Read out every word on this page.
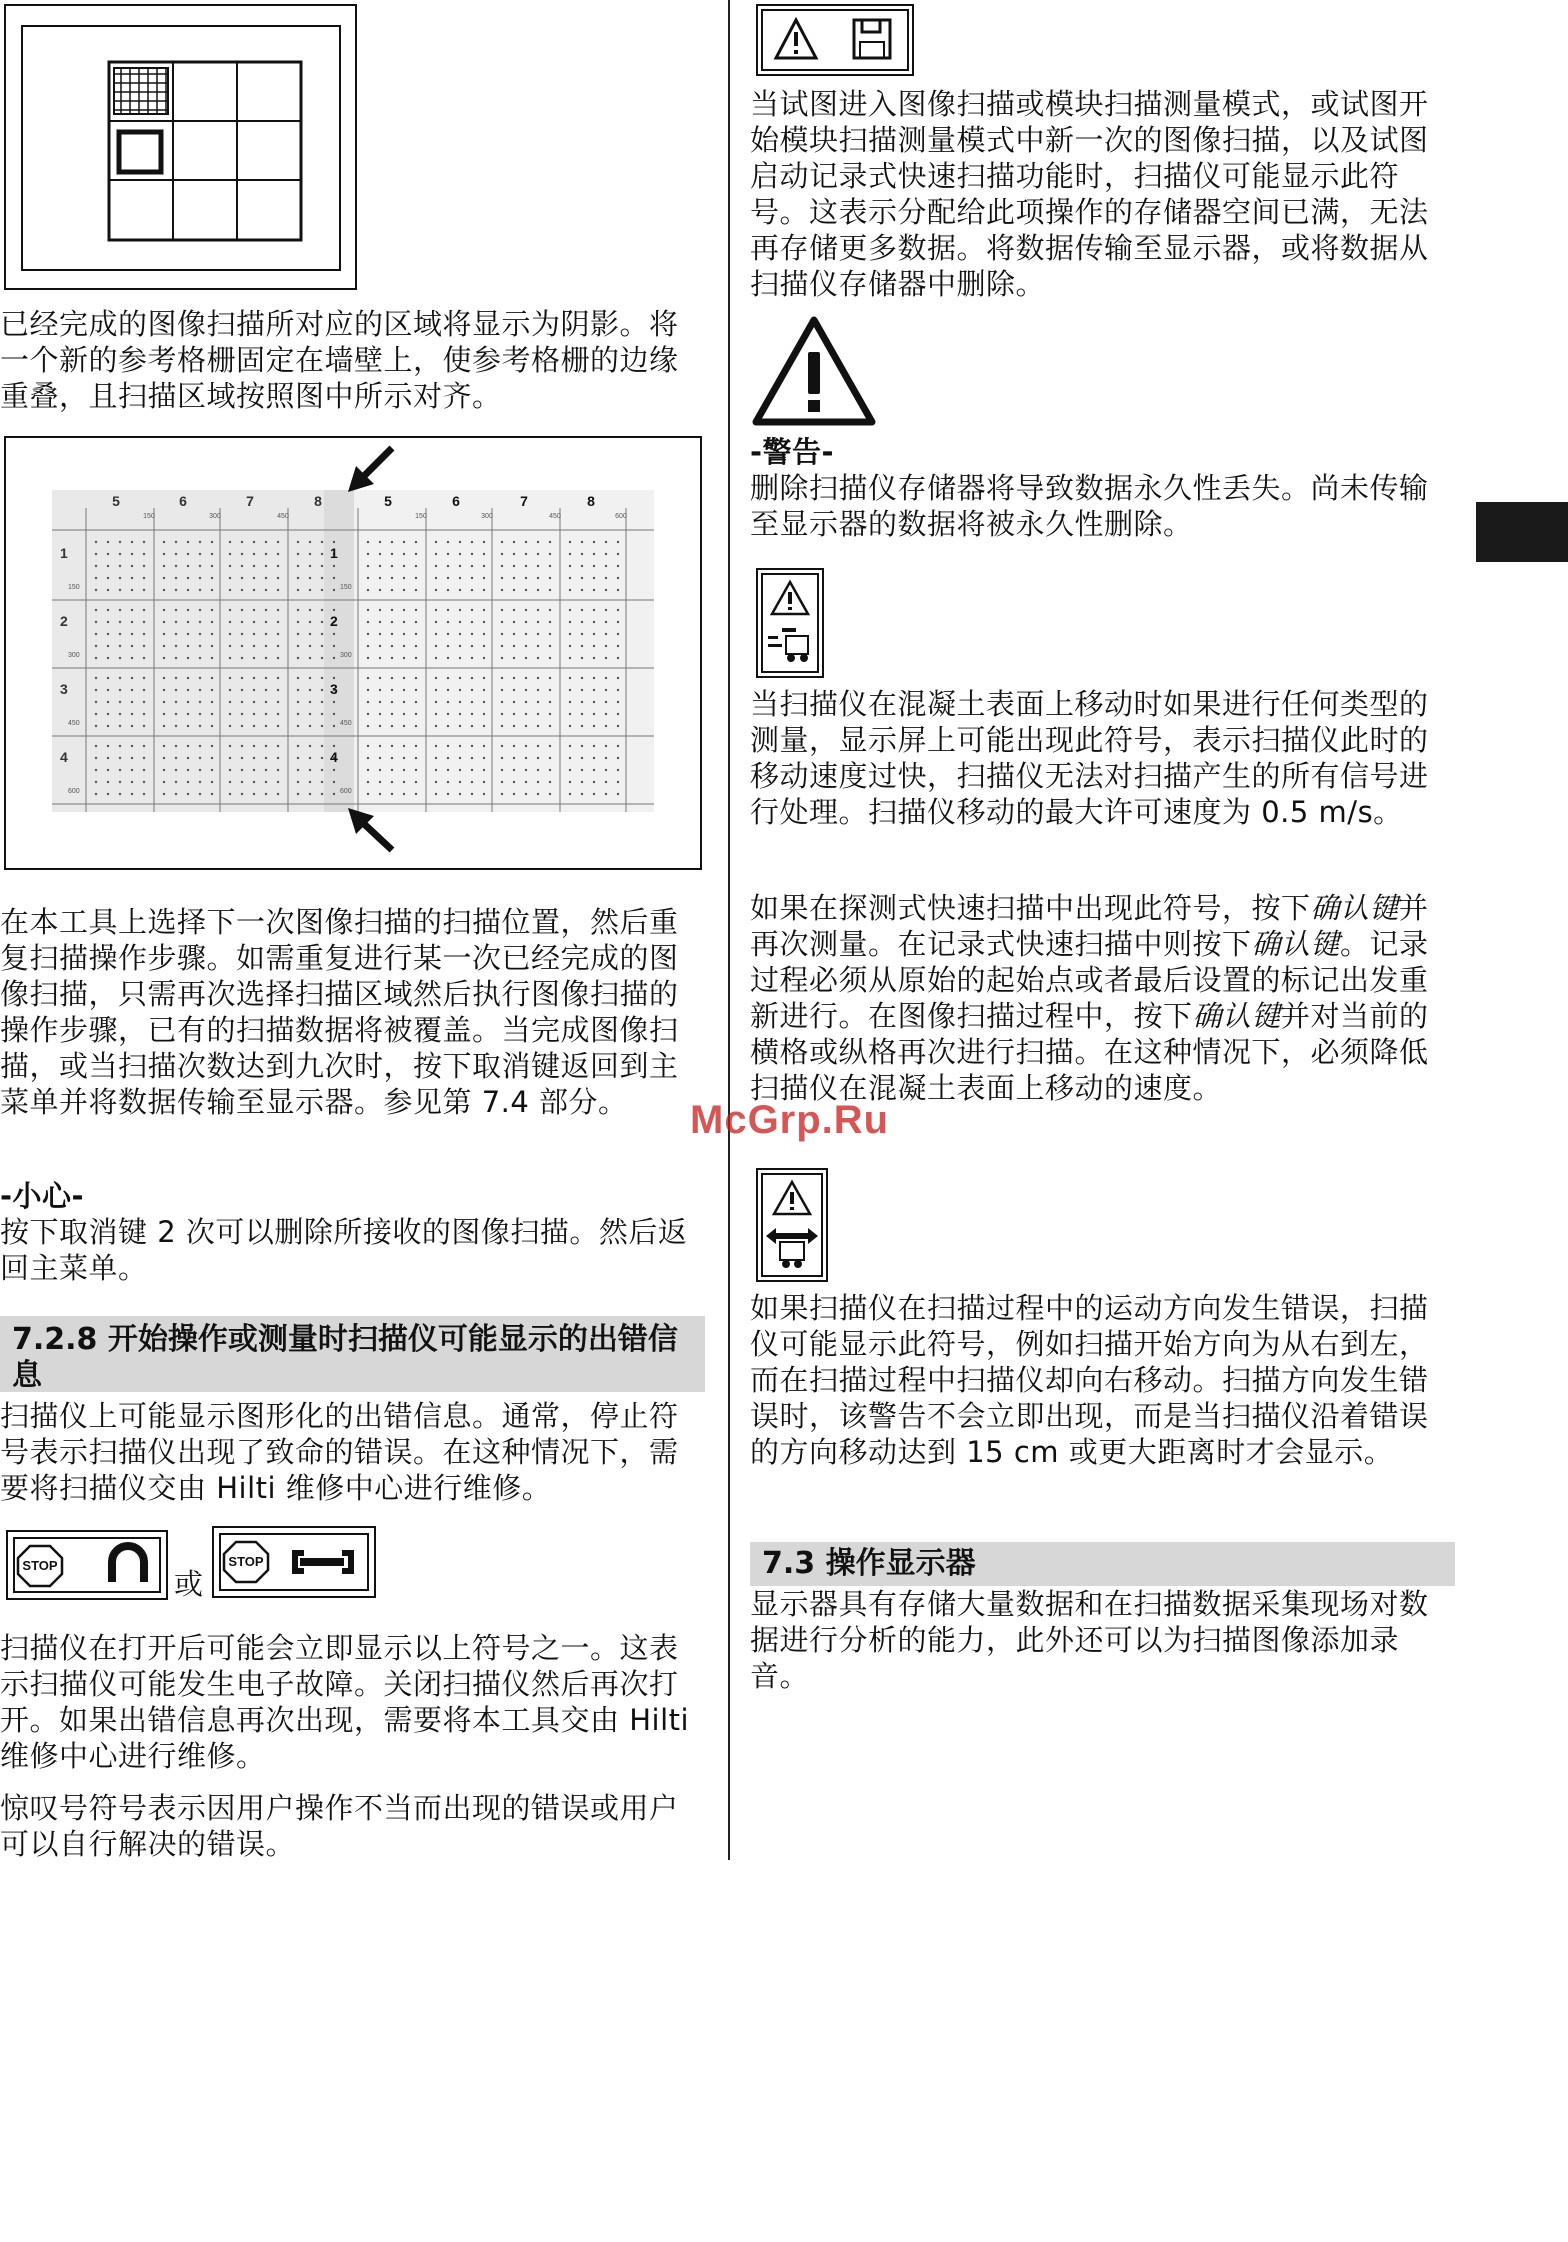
已经完成的图像扫描所对应的区域将显示为阴影。将一个新的参考格栅固定在墙壁上，使参考格栅的边缘重叠，且扫描区域按照图中所示对齐。

5	6	7	8	5	6	7	8
150	300	450	150	300	450	600
1
2
3
4
1
2
3
4
150
300
450
600
150
300
450
600

在本工具上选择下一次图像扫描的扫描位置，然后重复扫描操作步骤。如需重复进行某一次已经完成的图像扫描，只需再次选择扫描区域然后执行图像扫描的操作步骤，已有的扫描数据将被覆盖。当完成图像扫描，或当扫描次数达到九次时，按下取消键返回到主菜单并将数据传输至显示器。参见第 7.4 部分。

-小心-

按下取消键 2 次可以删除所接收的图像扫描。然后返回主菜单。

7.2.8 开始操作或测量时扫描仪可能显示的出错信息

扫描仪上可能显示图形化的出错信息。通常，停止符号表示扫描仪出现了致命的错误。在这种情况下，需要将扫描仪交由 Hilti 维修中心进行维修。

STOP
或
STOP

扫描仪在打开后可能会立即显示以上符号之一。这表示扫描仪可能发生电子故障。关闭扫描仪然后再次打开。如果出错信息再次出现，需要将本工具交由 Hilti 维修中心进行维修。

惊叹号符号表示因用户操作不当而出现的错误或用户可以自行解决的错误。

当试图进入图像扫描或模块扫描测量模式，或试图开始模块扫描测量模式中新一次的图像扫描，以及试图启动记录式快速扫描功能时，扫描仪可能显示此符号。这表示分配给此项操作的存储器空间已满，无法再存储更多数据。将数据传输至显示器，或将数据从扫描仪存储器中删除。

-警告-

删除扫描仪存储器将导致数据永久性丢失。尚未传输至显示器的数据将被永久性删除。

当扫描仪在混凝土表面上移动时如果进行任何类型的测量，显示屏上可能出现此符号，表示扫描仪此时的移动速度过快，扫描仪无法对扫描产生的所有信号进行处理。扫描仪移动的最大许可速度为 0.5 m/s。

如果在探测式快速扫描中出现此符号，按下确认键并再次测量。在记录式快速扫描中则按下确认键。记录过程必须从原始的起始点或者最后设置的标记出发重新进行。在图像扫描过程中，按下确认键并对当前的横格或纵格再次进行扫描。在这种情况下，必须降低扫描仪在混凝土表面上移动的速度。

如果扫描仪在扫描过程中的运动方向发生错误，扫描仪可能显示此符号，例如扫描开始方向为从右到左，而在扫描过程中扫描仪却向右移动。扫描方向发生错误时，该警告不会立即出现，而是当扫描仪沿着错误的方向移动达到 15 cm 或更大距离时才会显示。

7.3 操作显示器

显示器具有存储大量数据和在扫描数据采集现场对数据进行分析的能力，此外还可以为扫描图像添加录音。

McGrp.Ru
